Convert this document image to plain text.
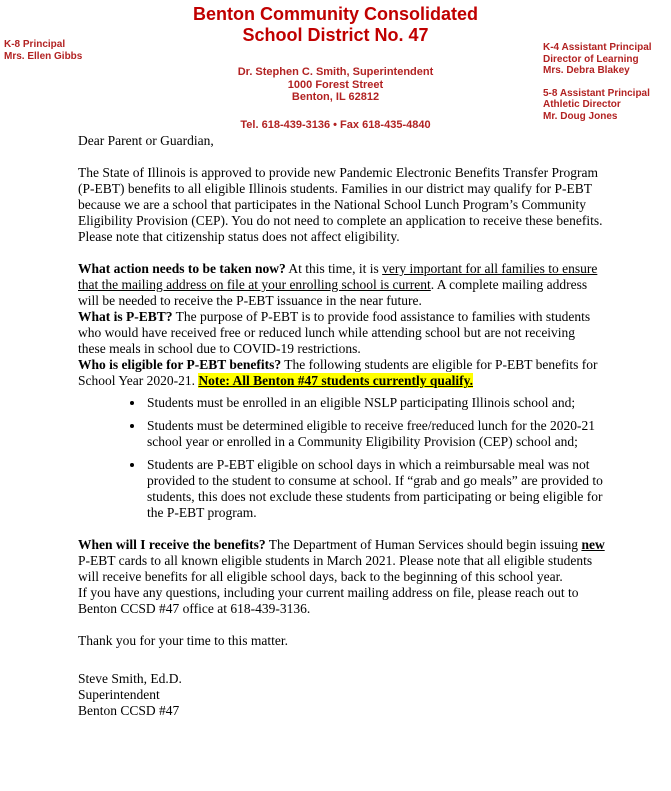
Benton Community Consolidated
School District No. 47
K-8 Principal
Mrs. Ellen Gibbs
K-4 Assistant Principal
Director of Learning
Mrs. Debra Blakey
5-8 Assistant Principal
Athletic Director
Mr. Doug Jones
Dr. Stephen C. Smith, Superintendent
1000 Forest Street
Benton, IL 62812
Tel. 618-439-3136 • Fax 618-435-4840

Dear Parent or Guardian,

The State of Illinois is approved to provide new Pandemic Electronic Benefits Transfer Program (P-EBT) benefits to all eligible Illinois students. Families in our district may qualify for P-EBT because we are a school that participates in the National School Lunch Program’s Community Eligibility Provision (CEP). You do not need to complete an application to receive these benefits. Please note that citizenship status does not affect eligibility.

What action needs to be taken now? At this time, it is very important for all families to ensure that the mailing address on file at your enrolling school is current. A complete mailing address will be needed to receive the P-EBT issuance in the near future.

What is P-EBT? The purpose of P-EBT is to provide food assistance to families with students who would have received free or reduced lunch while attending school but are not receiving these meals in school due to COVID-19 restrictions.

Who is eligible for P-EBT benefits? The following students are eligible for P-EBT benefits for School Year 2020-21. Note: All Benton #47 students currently qualify.

• Students must be enrolled in an eligible NSLP participating Illinois school and;
• Students must be determined eligible to receive free/reduced lunch for the 2020-21 school year or enrolled in a Community Eligibility Provision (CEP) school and;
• Students are P-EBT eligible on school days in which a reimbursable meal was not provided to the student to consume at school. If “grab and go meals” are provided to students, this does not exclude these students from participating or being eligible for the P-EBT program.

When will I receive the benefits? The Department of Human Services should begin issuing new P-EBT cards to all known eligible students in March 2021. Please note that all eligible students will receive benefits for all eligible school days, back to the beginning of this school year.

If you have any questions, including your current mailing address on file, please reach out to Benton CCSD #47 office at 618-439-3136.

Thank you for your time to this matter.

Steve Smith, Ed.D.
Superintendent
Benton CCSD #47
